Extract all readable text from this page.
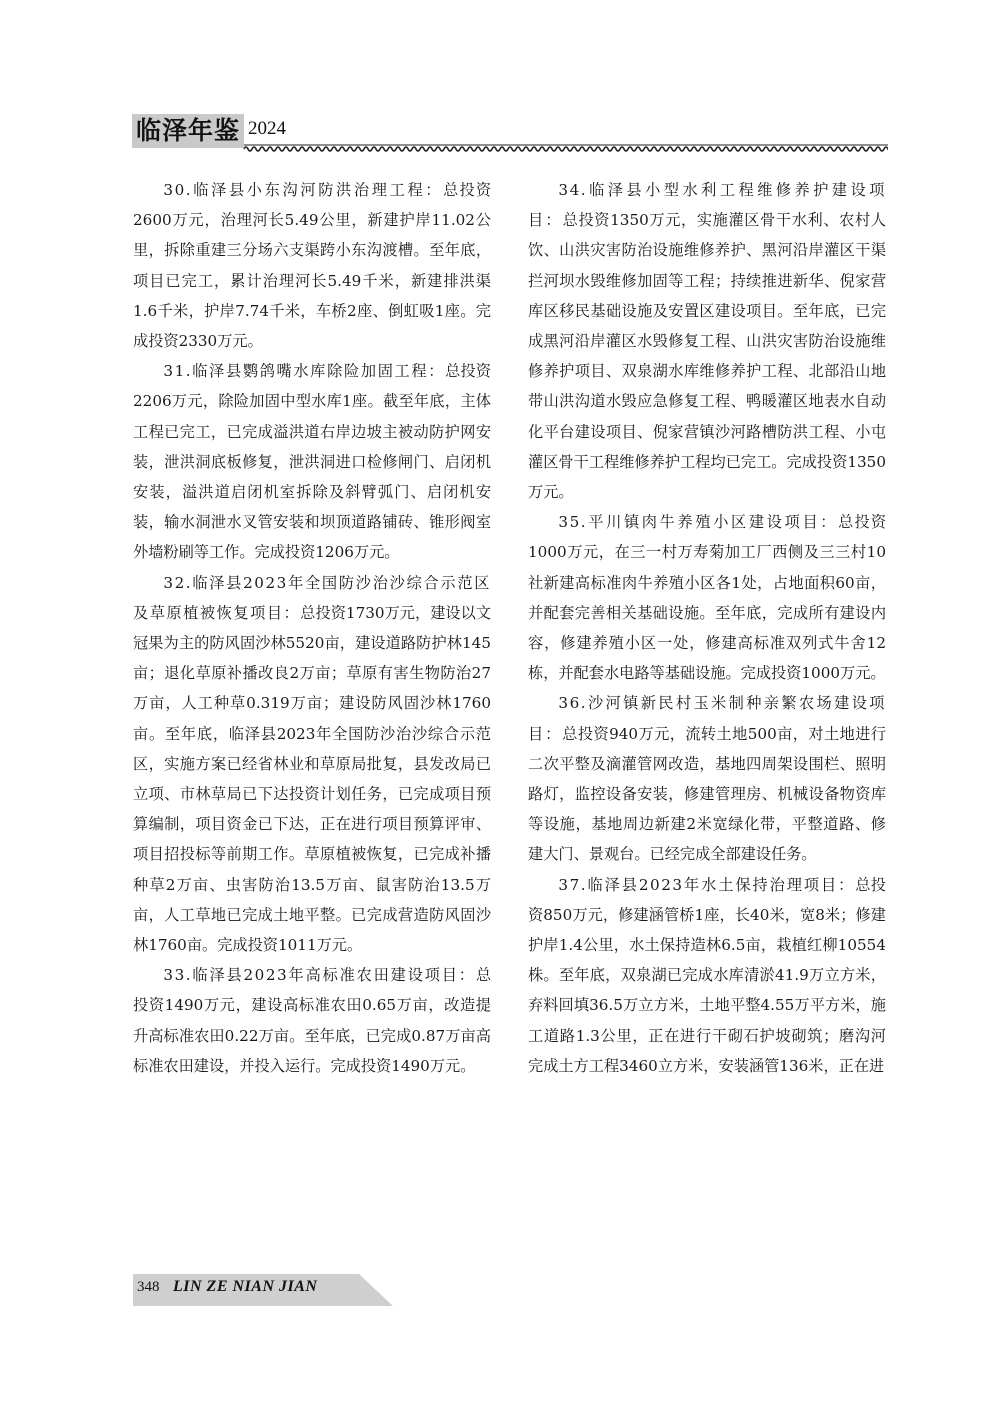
临泽年鉴 2024

30.临泽县小东沟河防洪治理工程：总投资2600万元，治理河长5.49公里，新建护岸11.02公里，拆除重建三分场六支渠跨小东沟渡槽。至年底，项目已完工，累计治理河长5.49千米，新建排洪渠1.6千米，护岸7.74千米，车桥2座、倒虹吸1座。完成投资2330万元。

31.临泽县鹦鸽嘴水库除险加固工程：总投资2206万元，除险加固中型水库1座。截至年底，主体工程已完工，已完成溢洪道右岸边坡主被动防护网安装，泄洪洞底板修复，泄洪洞进口检修闸门、启闭机安装，溢洪道启闭机室拆除及斜臂弧门、启闭机安装，输水洞泄水叉管安装和坝顶道路铺砖、锥形阀室外墙粉刷等工作。完成投资1206万元。

32.临泽县2023年全国防沙治沙综合示范区及草原植被恢复项目：总投资1730万元，建设以文冠果为主的防风固沙林5520亩，建设道路防护林145亩；退化草原补播改良2万亩；草原有害生物防治27万亩，人工种草0.319万亩；建设防风固沙林1760亩。至年底，临泽县2023年全国防沙治沙综合示范区，实施方案已经省林业和草原局批复，县发改局已立项、市林草局已下达投资计划任务，已完成项目预算编制，项目资金已下达，正在进行项目预算评审、项目招投标等前期工作。草原植被恢复，已完成补播种草2万亩、虫害防治13.5万亩、鼠害防治13.5万亩，人工草地已完成土地平整。已完成营造防风固沙林1760亩。完成投资1011万元。

33.临泽县2023年高标准农田建设项目：总投资1490万元，建设高标准农田0.65万亩，改造提升高标准农田0.22万亩。至年底，已完成0.87万亩高标准农田建设，并投入运行。完成投资1490万元。

34.临泽县小型水利工程维修养护建设项目：总投资1350万元，实施灌区骨干水利、农村人饮、山洪灾害防治设施维修养护、黑河沿岸灌区干渠拦河坝水毁维修加固等工程；持续推进新华、倪家营库区移民基础设施及安置区建设项目。至年底，已完成黑河沿岸灌区水毁修复工程、山洪灾害防治设施维修养护项目、双泉湖水库维修养护工程、北部沿山地带山洪沟道水毁应急修复工程、鸭暖灌区地表水自动化平台建设项目、倪家营镇沙河路槽防洪工程、小屯灌区骨干工程维修养护工程均已完工。完成投资1350万元。

35.平川镇肉牛养殖小区建设项目：总投资1000万元，在三一村万寿菊加工厂西侧及三三村10社新建高标准肉牛养殖小区各1处，占地面积60亩，并配套完善相关基础设施。至年底，完成所有建设内容，修建养殖小区一处，修建高标准双列式牛舍12栋，并配套水电路等基础设施。完成投资1000万元。

36.沙河镇新民村玉米制种亲繁农场建设项目：总投资940万元，流转土地500亩，对土地进行二次平整及滴灌管网改造，基地四周架设围栏、照明路灯，监控设备安装，修建管理房、机械设备物资库等设施，基地周边新建2米宽绿化带，平整道路、修建大门、景观台。已经完成全部建设任务。

37.临泽县2023年水土保持治理项目：总投资850万元，修建涵管桥1座，长40米，宽8米；修建护岸1.4公里，水土保持造林6.5亩，栽植红柳10554株。至年底，双泉湖已完成水库清淤41.9万立方米，弃料回填36.5万立方米，土地平整4.55万平方米，施工道路1.3公里，正在进行干砌石护坡砌筑；磨沟河完成土方工程3460立方米，安装涵管136米，正在进

348 LIN ZE NIAN JIAN
